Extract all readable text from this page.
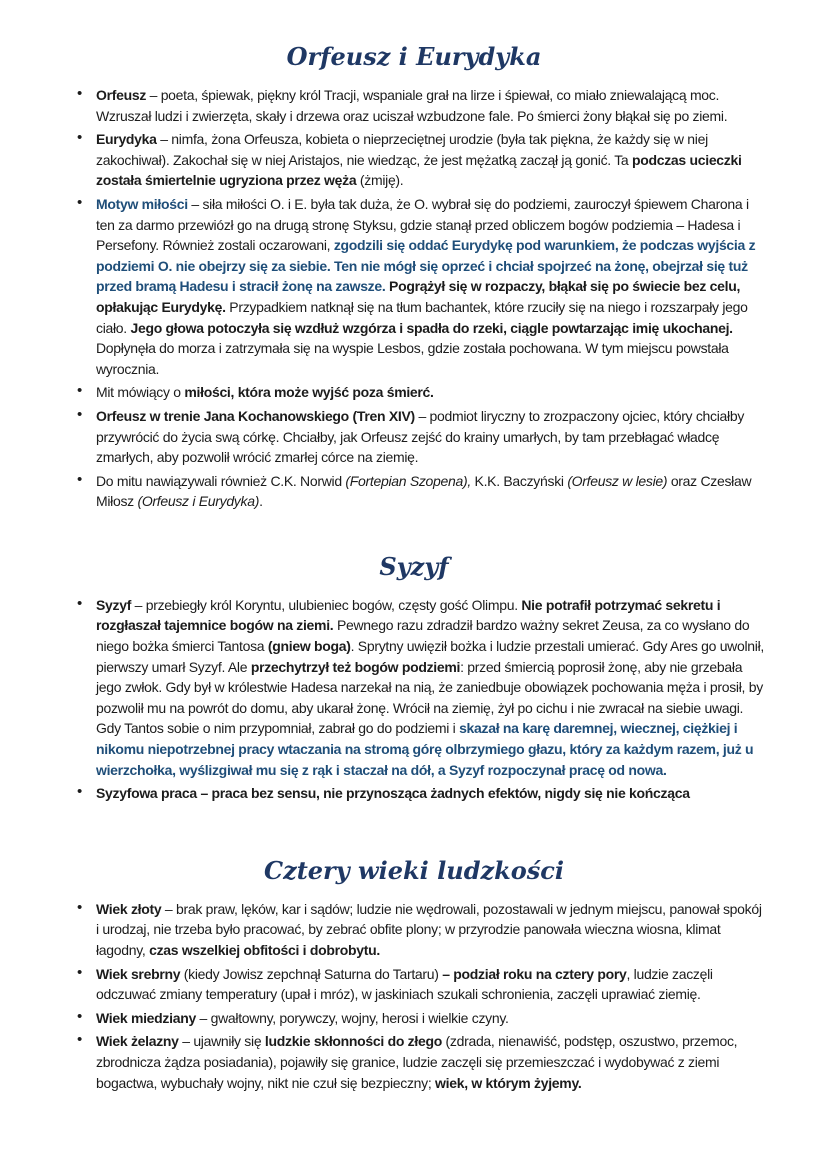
Orfeusz i Eurydyka
• Orfeusz – poeta, śpiewak, piękny król Tracji, wspaniale grał na lirze i śpiewał, co miało zniewalającą moc. Wzruszał ludzi i zwierzęta, skały i drzewa oraz uciszał wzbudzone fale. Po śmierci żony błąkał się po ziemi.
• Eurydyka – nimfa, żona Orfeusza, kobieta o nieprzeciętnej urodzie (była tak piękna, że każdy się w niej zakochiwał). Zakochał się w niej Aristajos, nie wiedząc, że jest mężatką zaczął ją gonić. Ta podczas ucieczki została śmiertelnie ugryziona przez węża (żmiję).
• Motyw miłości – siła miłości O. i E. była tak duża, że O. wybrał się do podziemi, zauroczył śpiewem Charona i ten za darmo przewiózł go na drugą stronę Styksu, gdzie stanął przed obliczem bogów podziemia – Hadesa i Persefony. Również zostali oczarowani, zgodzili się oddać Eurydykę pod warunkiem, że podczas wyjścia z podziemi O. nie obejrzy się za siebie. Ten nie mógł się oprzeć i chciał spojrzeć na żonę, obejrzał się tuż przed bramą Hadesu i stracił żonę na zawsze. Pogrążył się w rozpaczy, błąkał się po świecie bez celu, opłakując Eurydykę. Przypadkiem natknął się na tłum bachantek, które rzuciły się na niego i rozszarpały jego ciało. Jego głowa potoczyła się wzdłuż wzgórza i spadła do rzeki, ciągle powtarzając imię ukochanej. Dopłynęła do morza i zatrzymała się na wyspie Lesbos, gdzie została pochowana. W tym miejscu powstała wyrocznia.
• Mit mówiący o miłości, która może wyjść poza śmierć.
• Orfeusz w trenie Jana Kochanowskiego (Tren XIV) – podmiot liryczny to zrozpaczony ojciec, który chciałby przywrócić do życia swą córkę. Chciałby, jak Orfeusz zejść do krainy umarłych, by tam przebłagać władcę zmarłych, aby pozwolił wrócić zmarłej córce na ziemię.
• Do mitu nawiązywali również C.K. Norwid (Fortepian Szopena), K.K. Baczyński (Orfeusz w lesie) oraz Czesław Miłosz (Orfeusz i Eurydyka).
Syzyf
• Syzyf – przebiegły król Koryntu, ulubieniec bogów, częsty gość Olimpu. Nie potrafił potrzymać sekretu i rozgłaszał tajemnice bogów na ziemi. Pewnego razu zdradził bardzo ważny sekret Zeusa, za co wysłano do niego bożka śmierci Tantosa (gniew boga). Sprytny uwięził bożka i ludzie przestali umierać. Gdy Ares go uwolnił, pierwszy umarł Syzyf. Ale przechytrzył też bogów podziemi: przed śmiercią poprosił żonę, aby nie grzebała jego zwłok. Gdy był w królestwie Hadesa narzekał na nią, że zaniedbuje obowiązek pochowania męża i prosił, by pozwolił mu na powrót do domu, aby ukarał żonę. Wrócił na ziemię, żył po cichu i nie zwracał na siebie uwagi. Gdy Tantos sobie o nim przypomniał, zabrał go do podziemi i skazał na karę daremnej, wiecznej, ciężkiej i nikomu niepotrzebnej pracy wtaczania na stromą górę olbrzymiego głazu, który za każdym razem, już u wierzchołka, wyślizgiwał mu się z rąk i staczał na dół, a Syzyf rozpoczynał pracę od nowa.
• Syzyfowa praca – praca bez sensu, nie przynosząca żadnych efektów, nigdy się nie kończąca
Cztery wieki ludzkości
• Wiek złoty – brak praw, lęków, kar i sądów; ludzie nie wędrowali, pozostawali w jednym miejscu, panował spokój i urodzaj, nie trzeba było pracować, by zebrać obfite plony; w przyrodzie panowała wieczna wiosna, klimat łagodny, czas wszelkiej obfitości i dobrobytu.
• Wiek srebrny (kiedy Jowisz zepchnął Saturna do Tartaru) – podział roku na cztery pory, ludzie zaczęli odczuwać zmiany temperatury (upał i mróz), w jaskiniach szukali schronienia, zaczęli uprawiać ziemię.
• Wiek miedziany – gwałtowny, porywczy, wojny, herosi i wielkie czyny.
• Wiek żelazny – ujawniły się ludzkie skłonności do złego (zdrada, nienawiść, podstęp, oszustwo, przemoc, zbrodnicza żądza posiadania), pojawiły się granice, ludzie zaczęli się przemieszczać i wydobywać z ziemi bogactwa, wybuchały wojny, nikt nie czuł się bezpieczny; wiek, w którym żyjemy.
